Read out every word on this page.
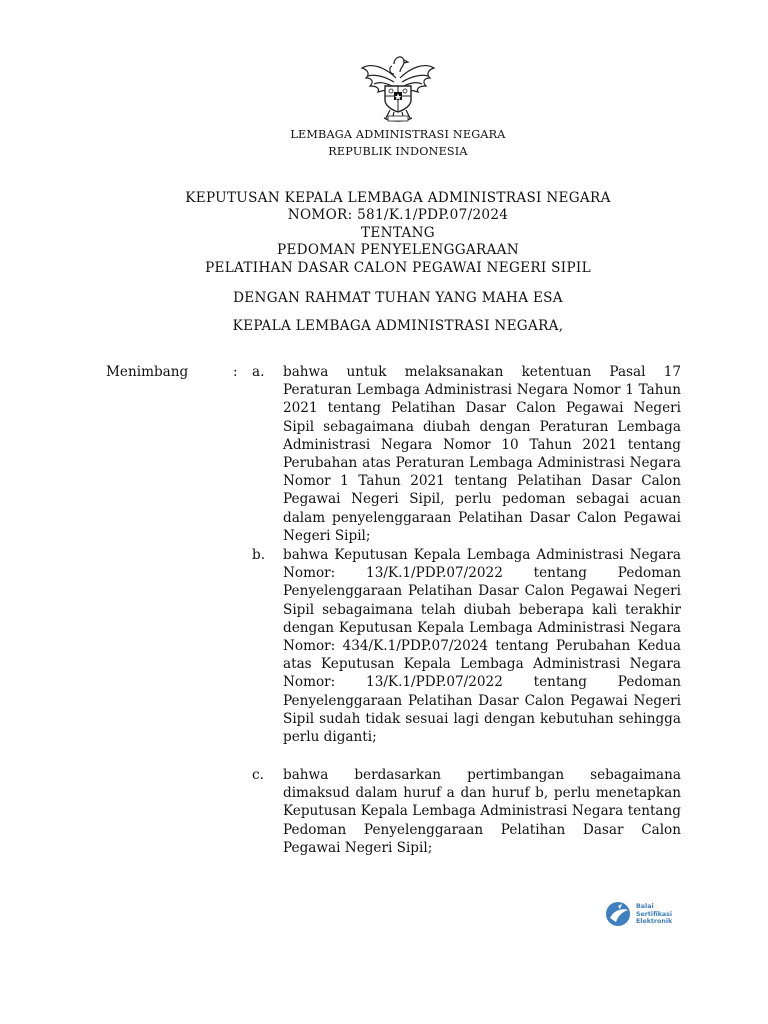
LEMBAGA ADMINISTRASI NEGARA
REPUBLIK INDONESIA
KEPUTUSAN KEPALA LEMBAGA ADMINISTRASI NEGARA
NOMOR: 581/K.1/PDP.07/2024
TENTANG
PEDOMAN PENYELENGGARAAN
PELATIHAN DASAR CALON PEGAWAI NEGERI SIPIL
DENGAN RAHMAT TUHAN YANG MAHA ESA
KEPALA LEMBAGA ADMINISTRASI NEGARA,
Menimbang	: a. bahwa untuk melaksanakan ketentuan Pasal 17 Peraturan Lembaga Administrasi Negara Nomor 1 Tahun 2021 tentang Pelatihan Dasar Calon Pegawai Negeri Sipil sebagaimana diubah dengan Peraturan Lembaga Administrasi Negara Nomor 10 Tahun 2021 tentang Perubahan atas Peraturan Lembaga Administrasi Negara Nomor 1 Tahun 2021 tentang Pelatihan Dasar Calon Pegawai Negeri Sipil, perlu pedoman sebagai acuan dalam penyelenggaraan Pelatihan Dasar Calon Pegawai Negeri Sipil;
b. bahwa Keputusan Kepala Lembaga Administrasi Negara Nomor: 13/K.1/PDP.07/2022 tentang Pedoman Penyelenggaraan Pelatihan Dasar Calon Pegawai Negeri Sipil sebagaimana telah diubah beberapa kali terakhir dengan Keputusan Kepala Lembaga Administrasi Negara Nomor: 434/K.1/PDP.07/2024 tentang Perubahan Kedua atas Keputusan Kepala Lembaga Administrasi Negara Nomor: 13/K.1/PDP.07/2022 tentang Pedoman Penyelenggaraan Pelatihan Dasar Calon Pegawai Negeri Sipil sudah tidak sesuai lagi dengan kebutuhan sehingga perlu diganti;
c. bahwa berdasarkan pertimbangan sebagaimana dimaksud dalam huruf a dan huruf b, perlu menetapkan Keputusan Kepala Lembaga Administrasi Negara tentang Pedoman Penyelenggaraan Pelatihan Dasar Calon Pegawai Negeri Sipil;
Balai
Sertifikasi
Elektronik
